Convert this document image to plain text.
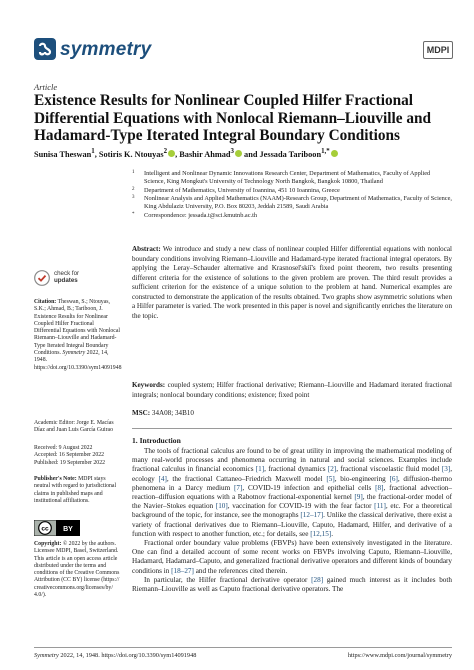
symmetry	MDPI
Article
Existence Results for Nonlinear Coupled Hilfer Fractional Differential Equations with Nonlocal Riemann–Liouville and Hadamard-Type Iterated Integral Boundary Conditions
Sunisa Theswan$^1$, Sotiris K. Ntouyas$^2$ , Bashir Ahmad$^3$ and Jessada Tariboon$^{1,*}$
1 Intelligent and Nonlinear Dynamic Innovations Research Center, Department of Mathematics, Faculty of Applied Science, King Mongkut's University of Technology North Bangkok, Bangkok 10800, Thailand
2 Department of Mathematics, University of Ioannina, 451 10 Ioannina, Greece
3 Nonlinear Analysis and Applied Mathematics (NAAM)-Research Group, Department of Mathematics, Faculty of Science, King Abdulaziz University, P.O. Box 80203, Jeddah 21589, Saudi Arabia
* Correspondence: jessada.t@sci.kmutnb.ac.th
Abstract: We introduce and study a new class of nonlinear coupled Hilfer differential equations with nonlocal boundary conditions involving Riemann–Liouville and Hadamard-type iterated fractional integral operators. By applying the Leray–Schauder alternative and Krasnosel'skiĭ's fixed point theorem, two results presenting different criteria for the existence of solutions to the given problem are proven. The third result provides a sufficient criterion for the existence of a unique solution to the problem at hand. Numerical examples are constructed to demonstrate the application of the results obtained. Two graphs show asymmetric solutions when a Hilfer parameter is varied. The work presented in this paper is novel and significantly enriches the literature on the topic.
Keywords: coupled system; Hilfer fractional derivative; Riemann–Liouville and Hadamard iterated fractional integrals; nonlocal boundary conditions; existence; fixed point
MSC: 34A08; 34B10
check for
updates
Citation: Theswan, S.; Ntouyas, S.K.; Ahmad, B.; Tariboon, J. Existence Results for Nonlinear Coupled Hilfer Fractional Differential Equations with Nonlocal Riemann–Liouville and Hadamard-Type Iterated Integral Boundary Conditions. Symmetry 2022, 14, 1948. https://doi.org/10.3390/sym14091948
Academic Editor: Jorge E. Macías Díaz and Juan Luis García Guirao
Received: 9 August 2022
Accepted: 16 September 2022
Published: 19 September 2022
Publisher's Note: MDPI stays neutral with regard to jurisdictional claims in published maps and institutional affiliations.
cc BY
Copyright: © 2022 by the authors. Licensee MDPI, Basel, Switzerland. This article is an open access article distributed under the terms and conditions of the Creative Commons Attribution (CC BY) license (https:// creativecommons.org/licenses/by/ 4.0/).
1. Introduction

The tools of fractional calculus are found to be of great utility in improving the mathematical modeling of many real-world processes and phenomena occurring in natural and social sciences. Examples include fractional calculus in financial economics [1], fractional dynamics [2], fractional viscoelastic fluid model [3], ecology [4], the fractional Cattaneo–Friedrich Maxwell model [5], bio-engineering [6], diffusion-thermo phenomena in a Darcy medium [7], COVID-19 infection and epithelial cells [8], fractional advection–reaction–diffusion equations with a Rabotnov fractional-exponential kernel [9], the fractional-order model of the Navier–Stokes equation [10], vaccination for COVID-19 with the fear factor [11], etc. For a theoretical background of the topic, for instance, see the monographs [12–17]. Unlike the classical derivative, there exist a variety of fractional derivatives due to Riemann–Liouville, Caputo, Hadamard, Hilfer, and derivative of a function with respect to another function, etc.; for details, see [12,15].

Fractional order boundary value problems (FBVPs) have been extensively investigated in the literature. One can find a detailed account of some recent works on FBVPs involving Caputo, Riemann–Liouville, Hadamard, Hadamard–Caputo, and generalized fractional derivative operators and different kinds of boundary conditions in [18–27] and the references cited therein.

In particular, the Hilfer fractional derivative operator [28] gained much interest as it includes both Riemann–Liouville as well as Caputo fractional derivative operators. The

Symmetry 2022, 14, 1948. https://doi.org/10.3390/sym14091948	https://www.mdpi.com/journal/symmetry
